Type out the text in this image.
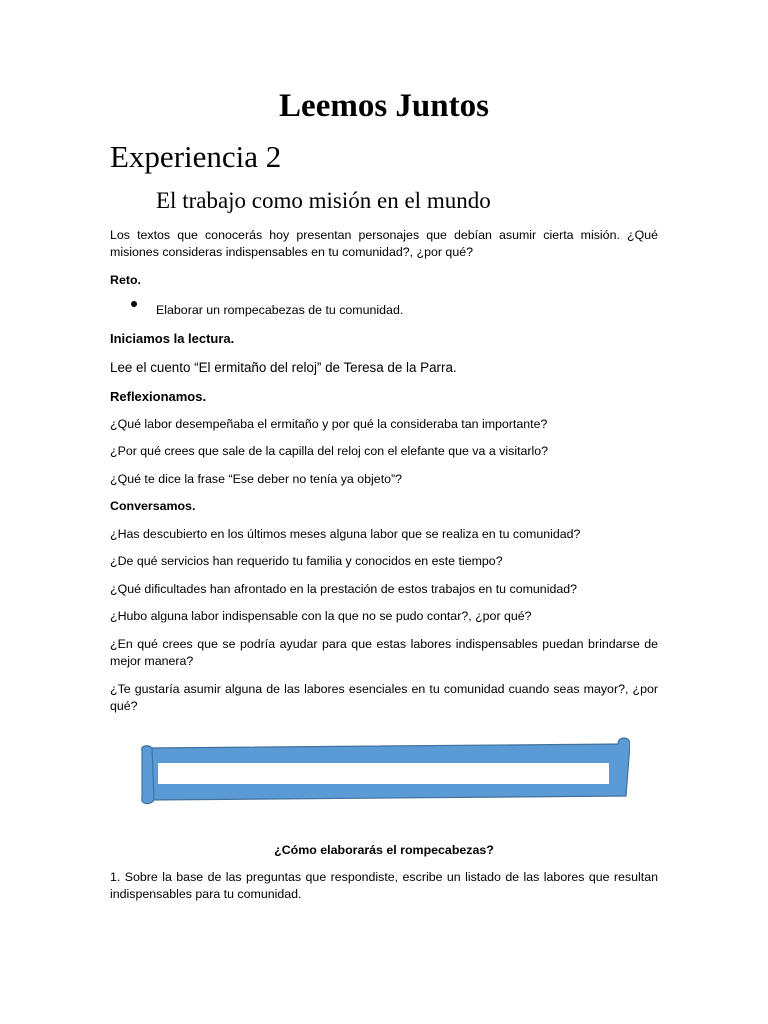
Leemos Juntos
Experiencia 2
El trabajo como misión en el mundo

Los textos que conocerás hoy presentan personajes que debían asumir cierta misión. ¿Qué misiones consideras indispensables en tu comunidad?, ¿por qué?

Reto.

Elaborar un rompecabezas de tu comunidad.

Iniciamos la lectura.

Lee el cuento “El ermitaño del reloj” de Teresa de la Parra.

Reflexionamos.

¿Qué labor desempeñaba el ermitaño y por qué la consideraba tan importante?

¿Por qué crees que sale de la capilla del reloj con el elefante que va a visitarlo?

¿Qué te dice la frase “Ese deber no tenía ya objeto”?

Conversamos.

¿Has descubierto en los últimos meses alguna labor que se realiza en tu comunidad?

¿De qué servicios han requerido tu familia y conocidos en este tiempo?

¿Qué dificultades han afrontado en la prestación de estos trabajos en tu comunidad?

¿Hubo alguna labor indispensable con la que no se pudo contar?, ¿por qué?

¿En qué crees que se podría ayudar para que estas labores indispensables puedan brindarse de mejor manera?

¿Te gustaría asumir alguna de las labores esenciales en tu comunidad cuando seas mayor?, ¿por qué?

¿Cómo elaborarás el rompecabezas?

1. Sobre la base de las preguntas que respondiste, escribe un listado de las labores que resultan indispensables para tu comunidad.
